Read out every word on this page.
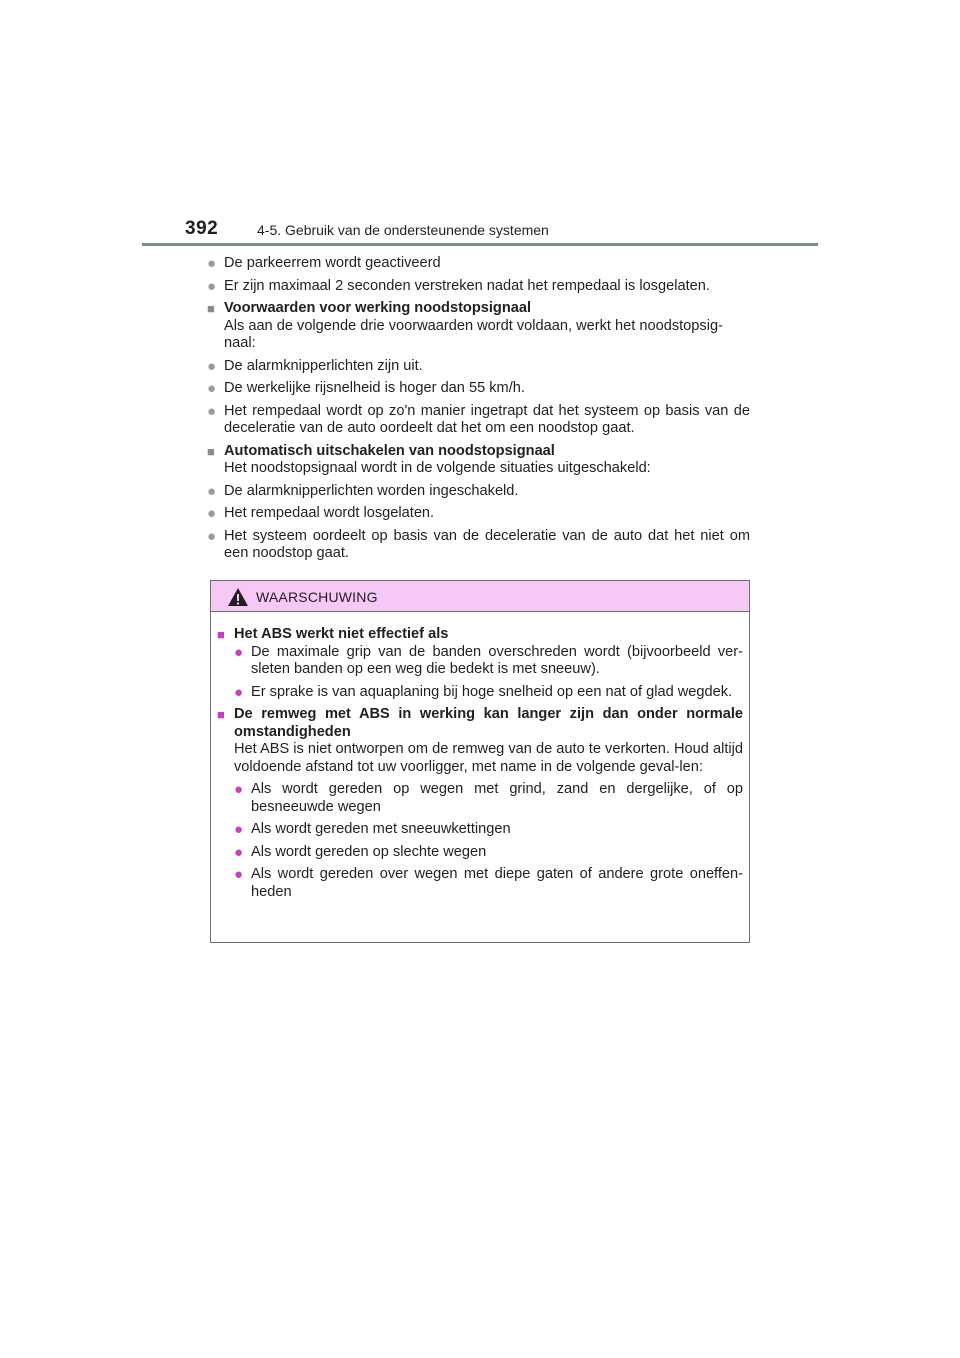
392	4-5. Gebruik van de ondersteunende systemen
● De parkeerrem wordt geactiveerd
● Er zijn maximaal 2 seconden verstreken nadat het rempedaal is losgelaten.
■ Voorwaarden voor werking noodstopsignaal
Als aan de volgende drie voorwaarden wordt voldaan, werkt het noodstopsig-naal:
● De alarmknipperlichten zijn uit.
● De werkelijke rijsnelheid is hoger dan 55 km/h.
● Het rempedaal wordt op zo'n manier ingetrapt dat het systeem op basis van de deceleratie van de auto oordeelt dat het om een noodstop gaat.
■ Automatisch uitschakelen van noodstopsignaal
Het noodstopsignaal wordt in de volgende situaties uitgeschakeld:
● De alarmknipperlichten worden ingeschakeld.
● Het rempedaal wordt losgelaten.
● Het systeem oordeelt op basis van de deceleratie van de auto dat het niet om een noodstop gaat.
WAARSCHUWING
■ Het ABS werkt niet effectief als
● De maximale grip van de banden overschreden wordt (bijvoorbeeld ver-sleten banden op een weg die bedekt is met sneeuw).
● Er sprake is van aquaplaning bij hoge snelheid op een nat of glad wegdek.
■ De remweg met ABS in werking kan langer zijn dan onder normale omstandigheden
Het ABS is niet ontworpen om de remweg van de auto te verkorten. Houd altijd voldoende afstand tot uw voorligger, met name in de volgende geval-len:
● Als wordt gereden op wegen met grind, zand en dergelijke, of op besneeuwde wegen
● Als wordt gereden met sneeuwkettingen
● Als wordt gereden op slechte wegen
● Als wordt gereden over wegen met diepe gaten of andere grote oneffen-heden
